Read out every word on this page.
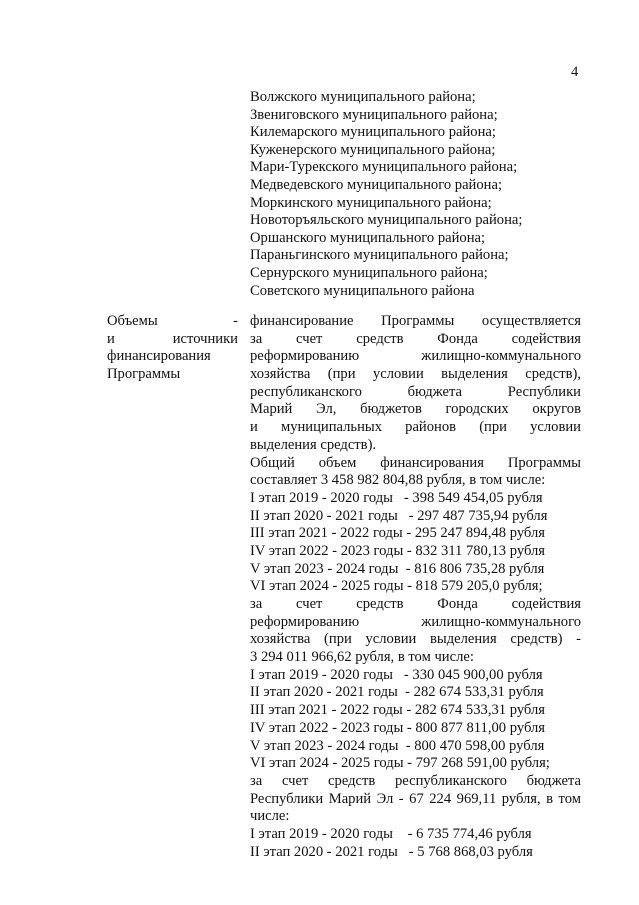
4
Волжского муниципального района;
Звениговского муниципального района;
Килемарского муниципального района;
Куженерского муниципального района;
Мари-Турекского муниципального района;
Медведевского муниципального района;
Моркинского муниципального района;
Новоторъяльского муниципального района;
Оршанского муниципального района;
Параньгинского муниципального района;
Сернурского муниципального района;
Советского муниципального района
Объемы	-
и	источники
финансирования
Программы
финансирование Программы осуществляется
за счет средств Фонда содействия
реформированию жилищно-коммунального
хозяйства (при условии выделения средств),
республиканского бюджета Республики
Марий Эл, бюджетов городских округов
и муниципальных районов (при условии
выделения средств).
Общий объем финансирования Программы
составляет 3 458 982 804,88 рубля, в том числе:
I этап 2019 - 2020 годы   - 398 549 454,05 рубля
II этап 2020 - 2021 годы   - 297 487 735,94 рубля
III этап 2021 - 2022 годы - 295 247 894,48 рубля
IV этап 2022 - 2023 годы - 832 311 780,13 рубля
V этап 2023 - 2024 годы  - 816 806 735,28 рубля
VI этап 2024 - 2025 годы - 818 579 205,0 рубля;
за счет средств Фонда содействия
реформированию жилищно-коммунального
хозяйства (при условии выделения средств) -
3 294 011 966,62 рубля, в том числе:
I этап 2019 - 2020 годы   - 330 045 900,00 рубля
II этап 2020 - 2021 годы  - 282 674 533,31 рубля
III этап 2021 - 2022 годы - 282 674 533,31 рубля
IV этап 2022 - 2023 годы - 800 877 811,00 рубля
V этап 2023 - 2024 годы  - 800 470 598,00 рубля
VI этап 2024 - 2025 годы - 797 268 591,00 рубля;
за счет средств республиканского бюджета
Республики Марий Эл - 67 224 969,11 рубля, в том
числе:
I этап 2019 - 2020 годы    - 6 735 774,46 рубля
II этап 2020 - 2021 годы   - 5 768 868,03 рубля
